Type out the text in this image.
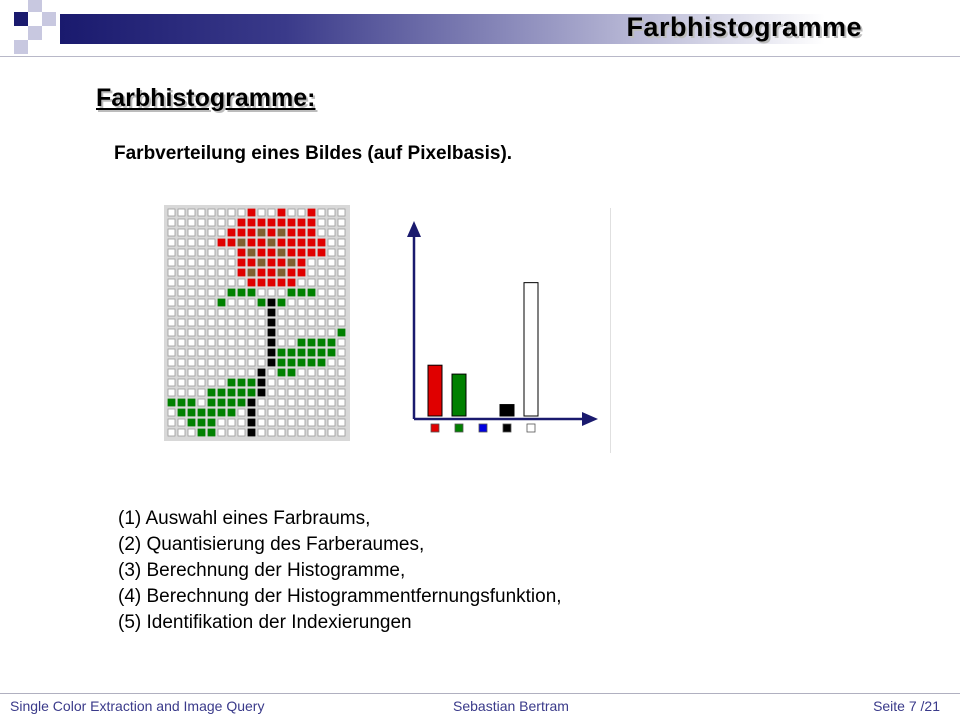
Farbhistogramme
Farbhistogramme:
Farbverteilung eines Bildes (auf Pixelbasis).
(1) Auswahl eines Farbraums,
(2) Quantisierung des Farberaumes,
(3) Berechnung der Histogramme,
(4) Berechnung der Histogrammentfernungsfunktion,
(5) Identifikation der Indexierungen
Single Color Extraction and Image Query	Sebastian Bertram	Seite 7 /21
